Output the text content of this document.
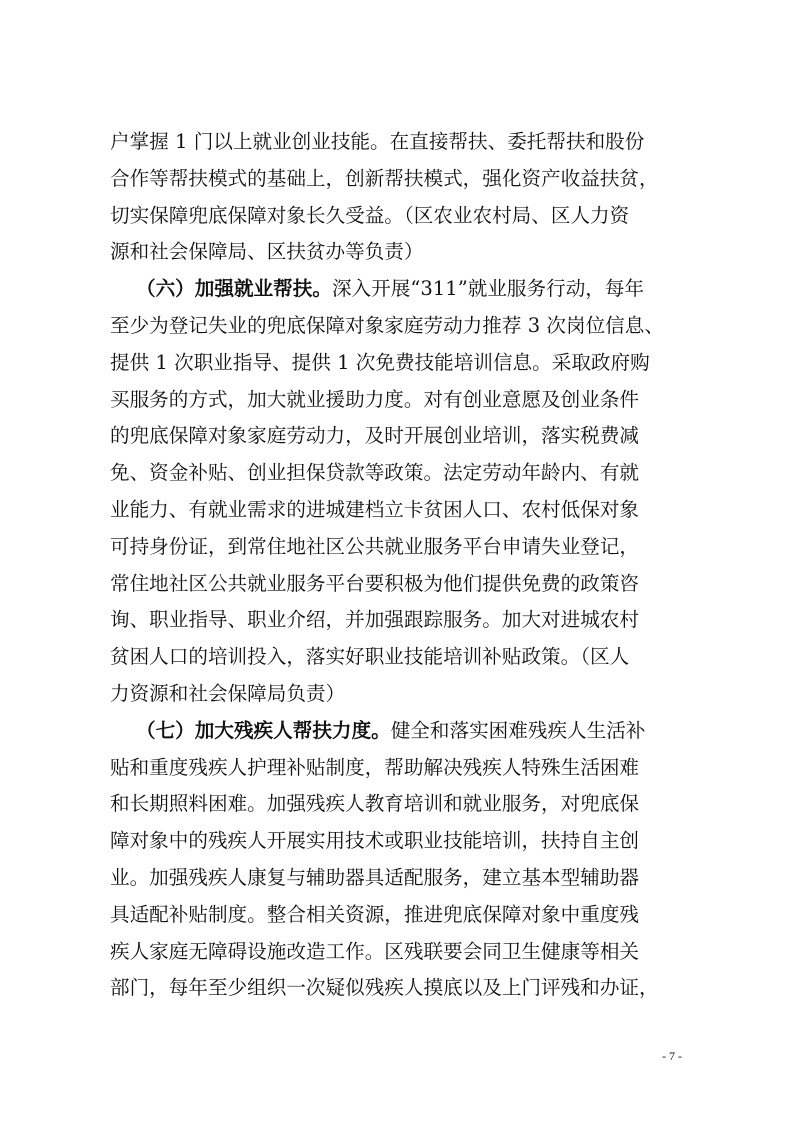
户掌握 1 门以上就业创业技能。在直接帮扶、委托帮扶和股份
合作等帮扶模式的基础上，创新帮扶模式，强化资产收益扶贫，
切实保障兜底保障对象长久受益。（区农业农村局、区人力资
源和社会保障局、区扶贫办等负责）
（六）加强就业帮扶。深入开展“311”就业服务行动，每年
至少为登记失业的兜底保障对象家庭劳动力推荐 3 次岗位信息、
提供 1 次职业指导、提供 1 次免费技能培训信息。采取政府购
买服务的方式，加大就业援助力度。对有创业意愿及创业条件
的兜底保障对象家庭劳动力，及时开展创业培训，落实税费减
免、资金补贴、创业担保贷款等政策。法定劳动年龄内、有就
业能力、有就业需求的进城建档立卡贫困人口、农村低保对象
可持身份证，到常住地社区公共就业服务平台申请失业登记，
常住地社区公共就业服务平台要积极为他们提供免费的政策咨
询、职业指导、职业介绍，并加强跟踪服务。加大对进城农村
贫困人口的培训投入，落实好职业技能培训补贴政策。（区人
力资源和社会保障局负责）
（七）加大残疾人帮扶力度。健全和落实困难残疾人生活补
贴和重度残疾人护理补贴制度，帮助解决残疾人特殊生活困难
和长期照料困难。加强残疾人教育培训和就业服务，对兜底保
障对象中的残疾人开展实用技术或职业技能培训，扶持自主创
业。加强残疾人康复与辅助器具适配服务，建立基本型辅助器
具适配补贴制度。整合相关资源，推进兜底保障对象中重度残
疾人家庭无障碍设施改造工作。区残联要会同卫生健康等相关
部门，每年至少组织一次疑似残疾人摸底以及上门评残和办证，
- 7 -
